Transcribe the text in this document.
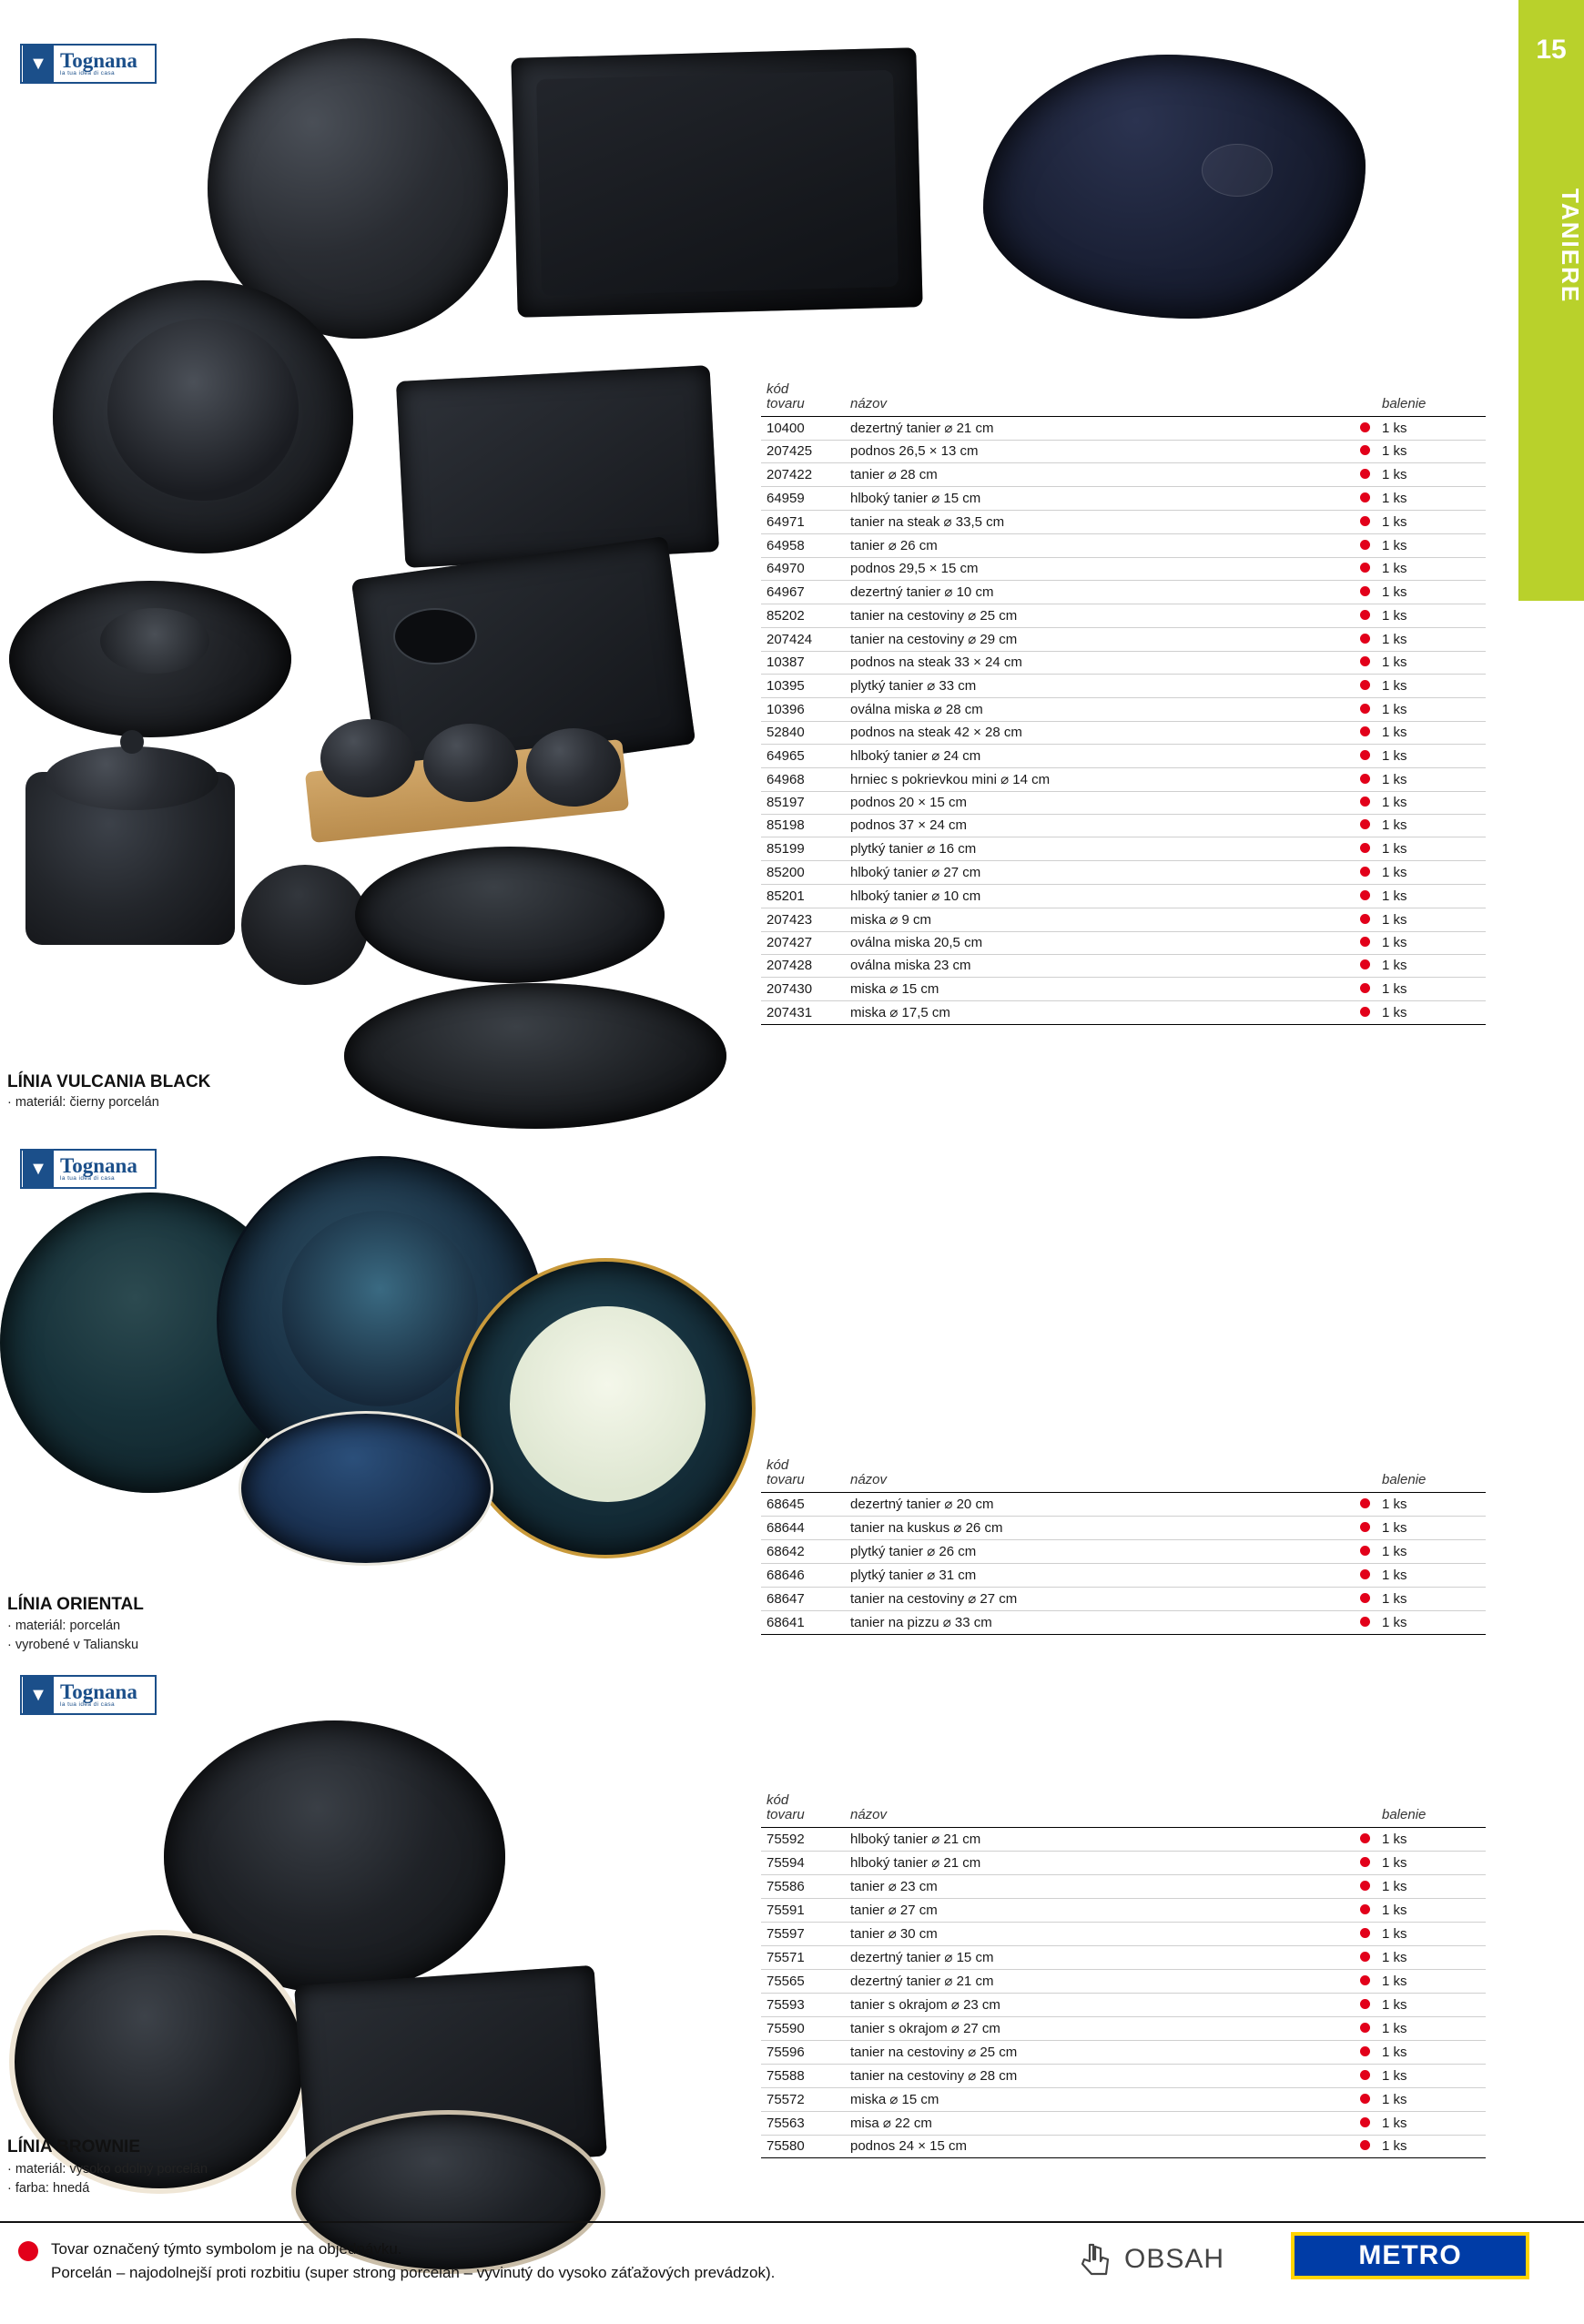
15
TANIERE
▼ Tognana
la tua idea di casa
LÍNIA VULCANIA BLACK
· materiál: čierny porcelán
kód
tovaru	názov		balenie
10400	dezertný tanier ⌀ 21 cm		1 ks
207425	podnos 26,5 × 13 cm		1 ks
207422	tanier ⌀ 28 cm		1 ks
64959	hlboký tanier ⌀ 15 cm		1 ks
64971	tanier na steak ⌀ 33,5 cm		1 ks
64958	tanier ⌀ 26 cm		1 ks
64970	podnos 29,5 × 15 cm		1 ks
64967	dezertný tanier ⌀ 10 cm		1 ks
85202	tanier na cestoviny ⌀ 25 cm		1 ks
207424	tanier na cestoviny ⌀ 29 cm		1 ks
10387	podnos na steak 33 × 24 cm		1 ks
10395	plytký tanier ⌀ 33 cm		1 ks
10396	oválna miska ⌀ 28 cm		1 ks
52840	podnos na steak 42 × 28 cm		1 ks
64965	hlboký tanier ⌀ 24 cm		1 ks
64968	hrniec s pokrievkou mini ⌀ 14 cm		1 ks
85197	podnos 20 × 15 cm		1 ks
85198	podnos 37 × 24 cm		1 ks
85199	plytký tanier ⌀ 16 cm		1 ks
85200	hlboký tanier ⌀ 27 cm		1 ks
85201	hlboký tanier ⌀ 10 cm		1 ks
207423	miska ⌀ 9 cm		1 ks
207427	oválna miska 20,5 cm		1 ks
207428	oválna miska 23 cm		1 ks
207430	miska ⌀ 15 cm		1 ks
207431	miska ⌀ 17,5 cm		1 ks
▼ Tognana
la tua idea di casa
LÍNIA ORIENTAL
· materiál: porcelán
· vyrobené v Taliansku
kód
tovaru	názov		balenie
68645	dezertný tanier ⌀ 20 cm		1 ks
68644	tanier na kuskus ⌀ 26 cm		1 ks
68642	plytký tanier ⌀ 26 cm		1 ks
68646	plytký tanier ⌀ 31 cm		1 ks
68647	tanier na cestoviny ⌀ 27 cm		1 ks
68641	tanier na pizzu ⌀ 33 cm		1 ks
▼ Tognana
la tua idea di casa
LÍNIA BROWNIE
· materiál: vysoko odolný porcelán
· farba: hnedá
kód
tovaru	názov		balenie
75592	hlboký tanier ⌀ 21 cm		1 ks
75594	hlboký tanier ⌀ 21 cm		1 ks
75586	tanier ⌀ 23 cm		1 ks
75591	tanier ⌀ 27 cm		1 ks
75597	tanier ⌀ 30 cm		1 ks
75571	dezertný tanier ⌀ 15 cm		1 ks
75565	dezertný tanier ⌀ 21 cm		1 ks
75593	tanier s okrajom ⌀ 23 cm		1 ks
75590	tanier s okrajom ⌀ 27 cm		1 ks
75596	tanier na cestoviny ⌀ 25 cm		1 ks
75588	tanier na cestoviny ⌀ 28 cm		1 ks
75572	miska ⌀ 15 cm		1 ks
75563	misa ⌀ 22 cm		1 ks
75580	podnos 24 × 15 cm		1 ks
Tovar označený týmto symbolom je na objednávku.
Porcelán – najodolnejší proti rozbitiu (super strong porcelán – vyvinutý do vysoko záťažových prevádzok).	OBSAH	METRO
